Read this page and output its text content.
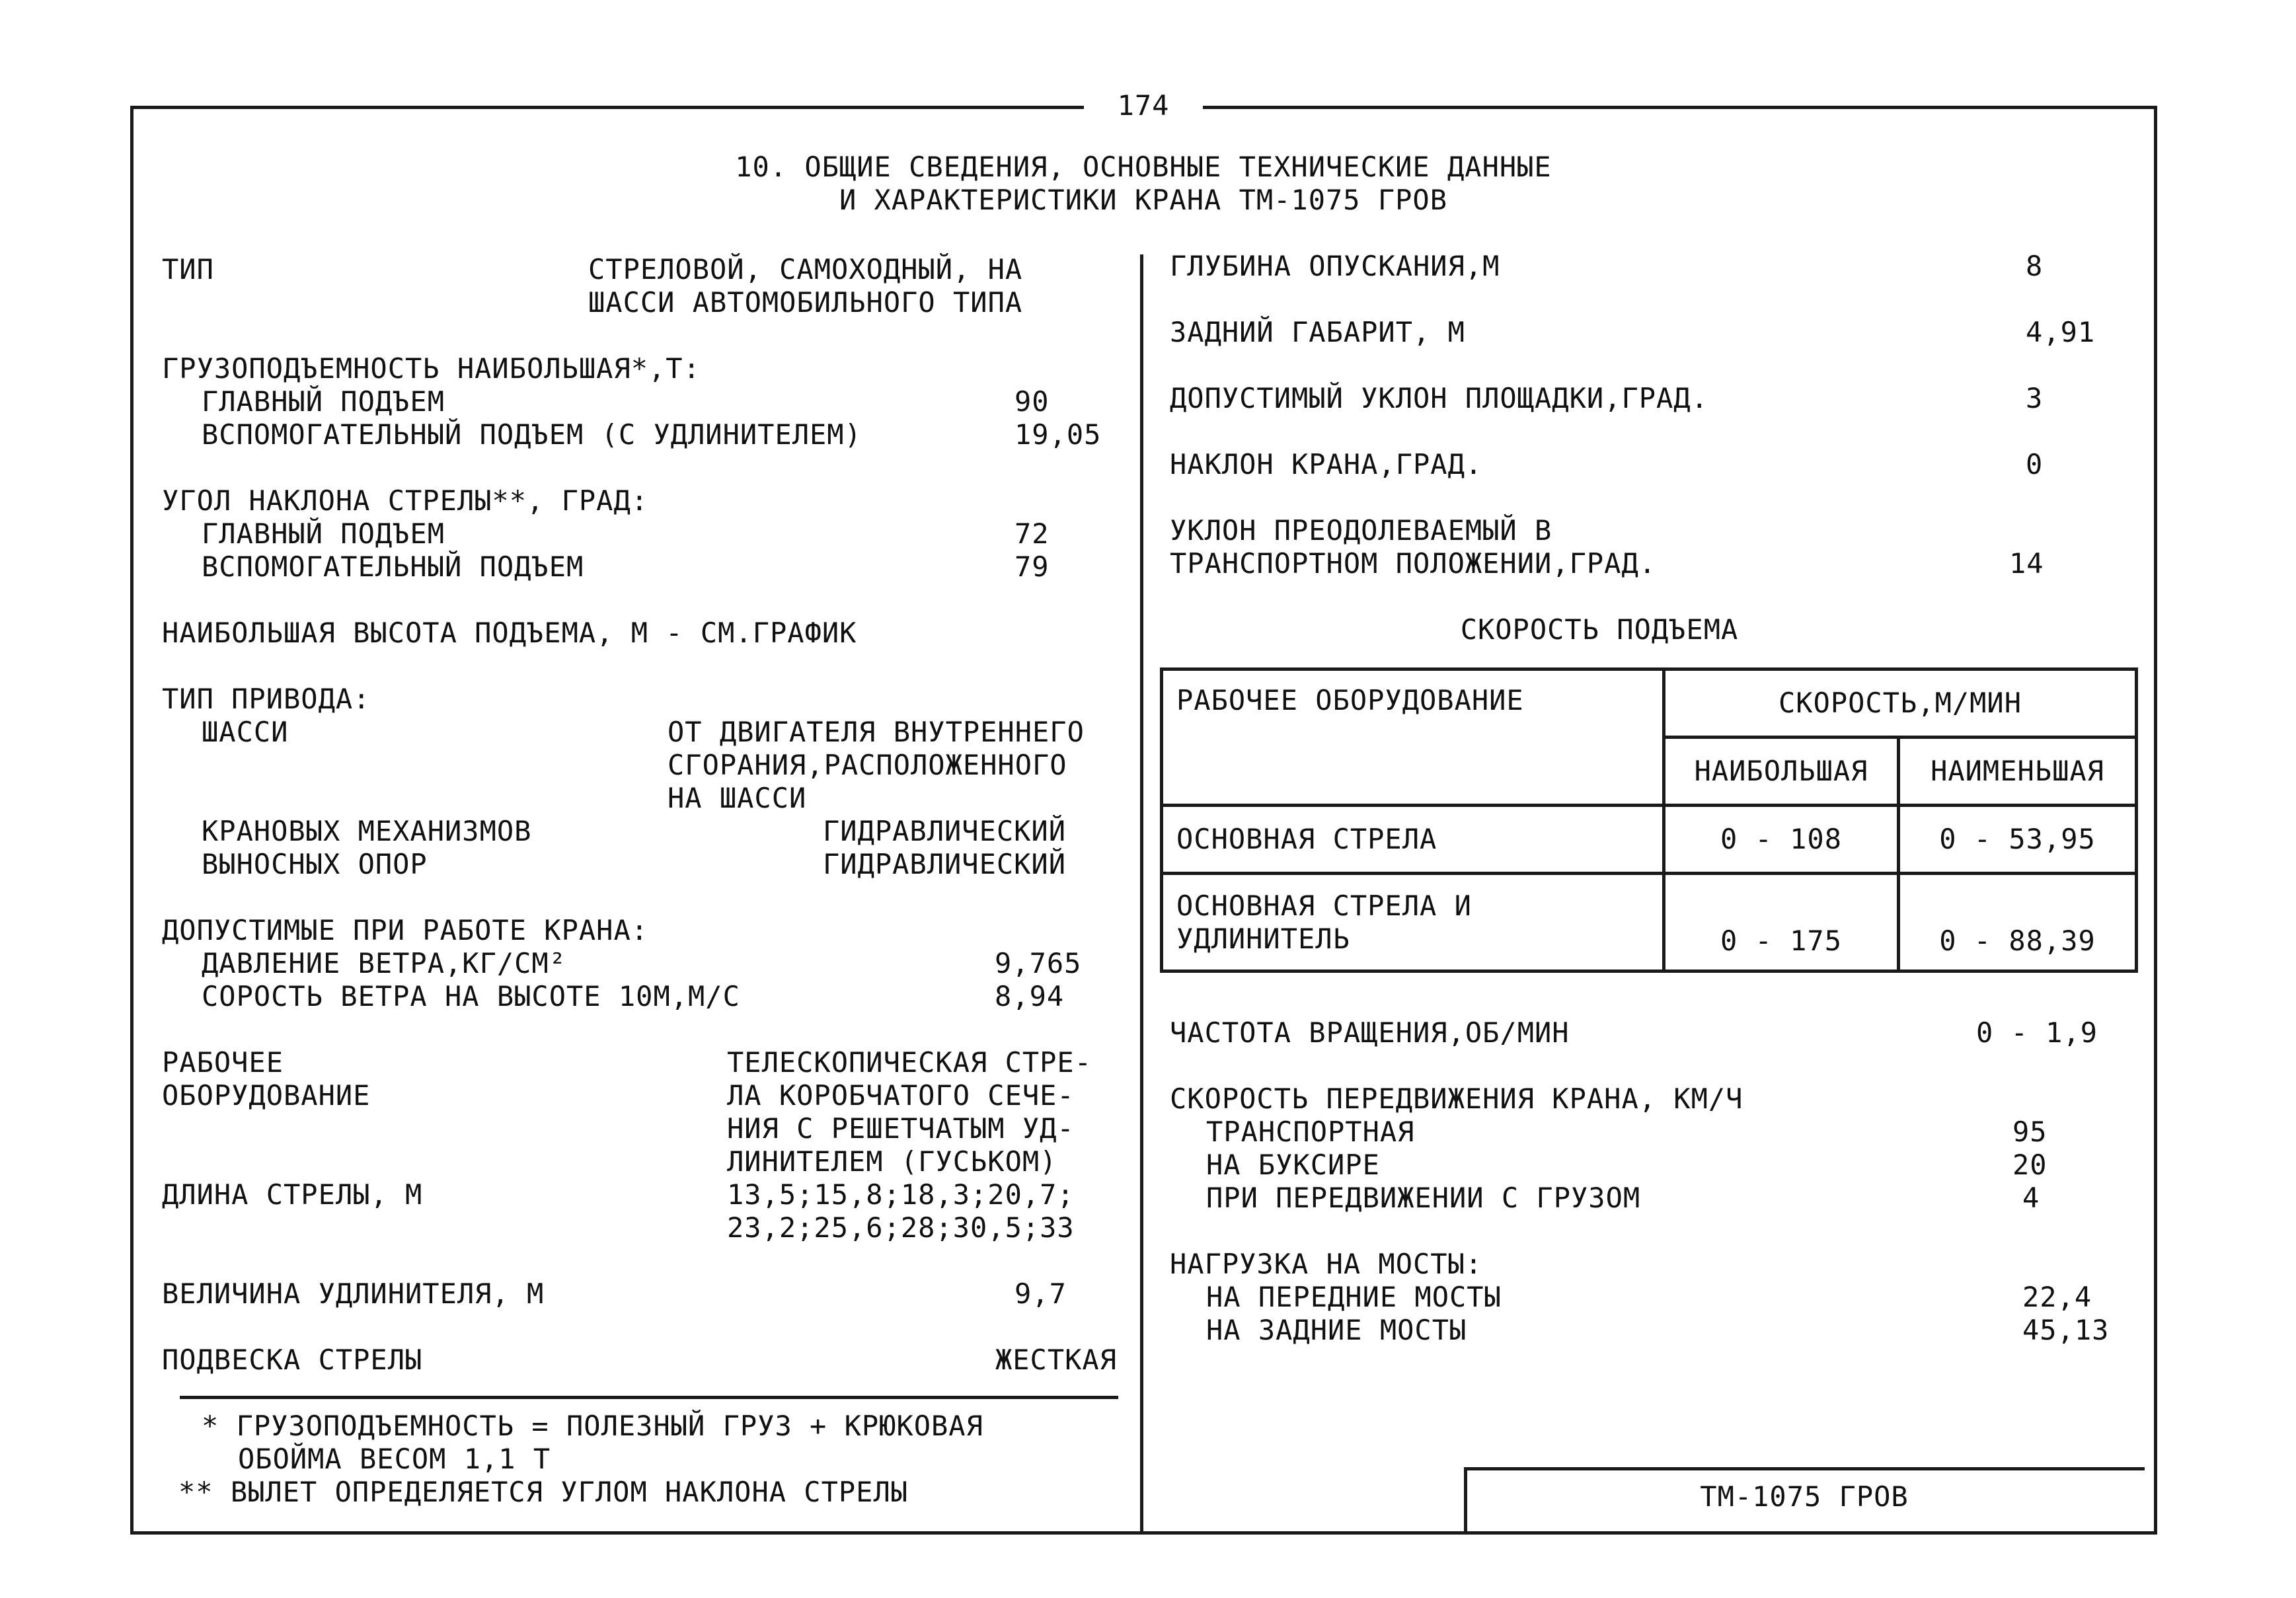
174
10. ОБЩИЕ СВЕДЕНИЯ, ОСНОВНЫЕ ТЕХНИЧЕСКИЕ ДАННЫЕ
И ХАРАКТЕРИСТИКИ КРАНА ТМ-1075 ГРОВ
ТИП	СТРЕЛОВОЙ, САМОХОДНЫЙ, НА
ШАССИ АВТОМОБИЛЬНОГО ТИПА
ГРУЗОПОДЪЕМНОСТЬ НАИБОЛЬШАЯ*,Т:
ГЛАВНЫЙ ПОДЪЕМ	90
ВСПОМОГАТЕЛЬНЫЙ ПОДЪЕМ (С УДЛИНИТЕЛЕМ)	19,05
УГОЛ НАКЛОНА СТРЕЛЫ**, ГРАД:
ГЛАВНЫЙ ПОДЪЕМ	72
ВСПОМОГАТЕЛЬНЫЙ ПОДЪЕМ	79
НАИБОЛЬШАЯ ВЫСОТА ПОДЪЕМА, М - СМ.ГРАФИК
ТИП ПРИВОДА:
ШАССИ	ОТ ДВИГАТЕЛЯ ВНУТРЕННЕГО
СГОРАНИЯ,РАСПОЛОЖЕННОГО
НА ШАССИ
КРАНОВЫХ МЕХАНИЗМОВ	ГИДРАВЛИЧЕСКИЙ
ВЫНОСНЫХ ОПОР	ГИДРАВЛИЧЕСКИЙ
ДОПУСТИМЫЕ ПРИ РАБОТЕ КРАНА:
ДАВЛЕНИЕ ВЕТРА,КГ/СМ²	9,765
СОРОСТЬ ВЕТРА НА ВЫСОТЕ 10М,М/С	8,94
РАБОЧЕЕ
ОБОРУДОВАНИЕ
ТЕЛЕСКОПИЧЕСКАЯ СТРЕ-
ЛА КОРОБЧАТОГО СЕЧЕ-
НИЯ С РЕШЕТЧАТЫМ УД-
ЛИНИТЕЛЕМ (ГУСЬКОМ)
ДЛИНА СТРЕЛЫ, М	13,5;15,8;18,3;20,7;
23,2;25,6;28;30,5;33
ВЕЛИЧИНА УДЛИНИТЕЛЯ, М	9,7
ПОДВЕСКА СТРЕЛЫ	ЖЕСТКАЯ
* ГРУЗОПОДЪЕМНОСТЬ = ПОЛЕЗНЫЙ ГРУЗ + КРЮКОВАЯ
ОБОЙМА ВЕСОМ 1,1 Т
** ВЫЛЕТ ОПРЕДЕЛЯЕТСЯ УГЛОМ НАКЛОНА СТРЕЛЫ
ГЛУБИНА ОПУСКАНИЯ,М	8
ЗАДНИЙ ГАБАРИТ, М	4,91
ДОПУСТИМЫЙ УКЛОН ПЛОЩАДКИ,ГРАД.	3
НАКЛОН КРАНА,ГРАД.	0
УКЛОН ПРЕОДОЛЕВАЕМЫЙ В
ТРАНСПОРТНОМ ПОЛОЖЕНИИ,ГРАД.	14
СКОРОСТЬ ПОДЪЕМА
РАБОЧЕЕ ОБОРУДОВАНИЕ	СКОРОСТЬ,М/МИН	
	НАИБОЛЬШАЯ	НАИМЕНЬШАЯ
ОСНОВНАЯ СТРЕЛА	0 - 108	0 - 53,95

ОСНОВНАЯ СТРЕЛА И
УДЛИНИТЕЛЬ	0 - 175	0 - 88,39
ЧАСТОТА ВРАЩЕНИЯ,ОБ/МИН	0 - 1,9
СКОРОСТЬ ПЕРЕДВИЖЕНИЯ КРАНА, КМ/Ч
ТРАНСПОРТНАЯ	95
НА БУКСИРЕ	20
ПРИ ПЕРЕДВИЖЕНИИ С ГРУЗОМ	4
НАГРУЗКА НА МОСТЫ:
НА ПЕРЕДНИЕ МОСТЫ	22,4
НА ЗАДНИЕ МОСТЫ	45,13
ТМ-1075 ГРОВ
